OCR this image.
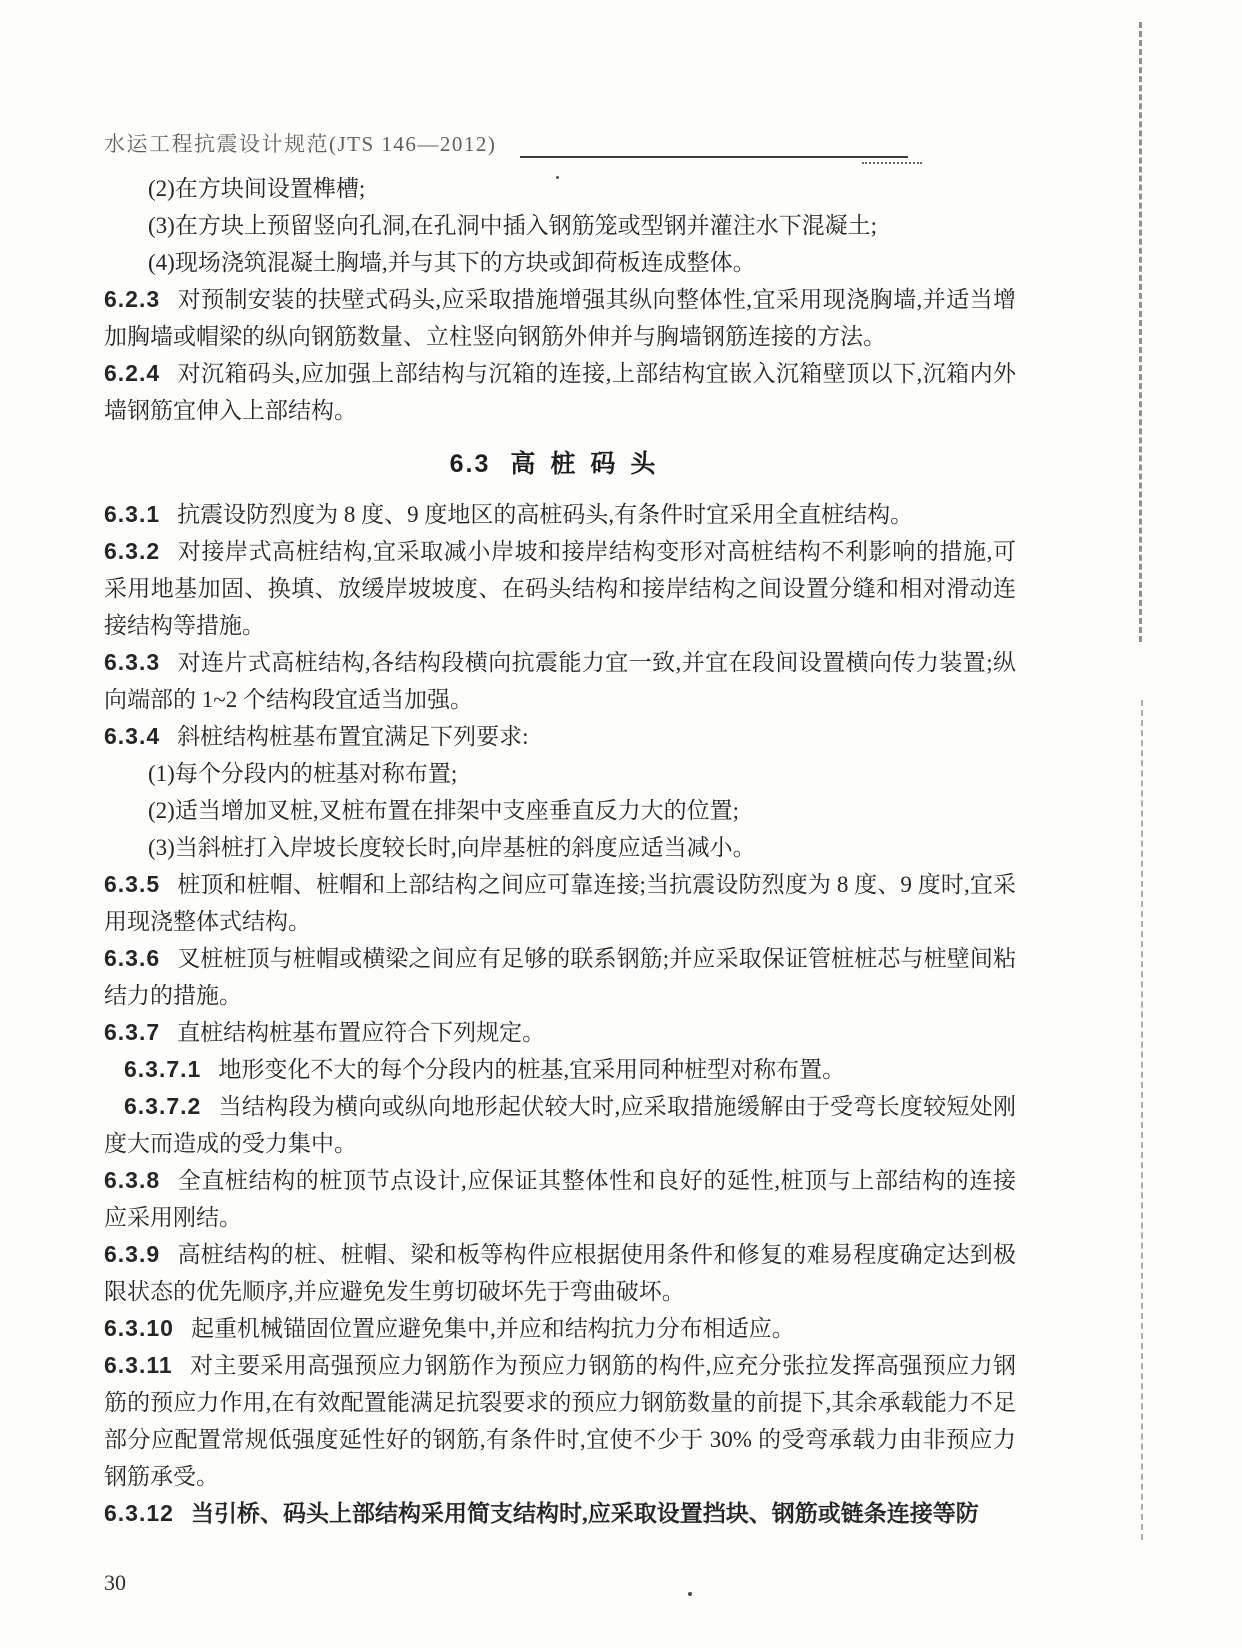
水运工程抗震设计规范(JTS 146—2012)

(2)在方块间设置榫槽;

(3)在方块上预留竖向孔洞,在孔洞中插入钢筋笼或型钢并灌注水下混凝土;

(4)现场浇筑混凝土胸墙,并与其下的方块或卸荷板连成整体。

6.2.3 对预制安装的扶壁式码头,应采取措施增强其纵向整体性,宜采用现浇胸墙,并适当增加胸墙或帽梁的纵向钢筋数量、立柱竖向钢筋外伸并与胸墙钢筋连接的方法。

6.2.4 对沉箱码头,应加强上部结构与沉箱的连接,上部结构宜嵌入沉箱壁顶以下,沉箱内外墙钢筋宜伸入上部结构。

6.3 高桩码头

6.3.1 抗震设防烈度为 8 度、9 度地区的高桩码头,有条件时宜采用全直桩结构。

6.3.2 对接岸式高桩结构,宜采取减小岸坡和接岸结构变形对高桩结构不利影响的措施,可采用地基加固、换填、放缓岸坡坡度、在码头结构和接岸结构之间设置分缝和相对滑动连接结构等措施。

6.3.3 对连片式高桩结构,各结构段横向抗震能力宜一致,并宜在段间设置横向传力装置;纵向端部的 1~2 个结构段宜适当加强。

6.3.4 斜桩结构桩基布置宜满足下列要求:

(1)每个分段内的桩基对称布置;

(2)适当增加叉桩,叉桩布置在排架中支座垂直反力大的位置;

(3)当斜桩打入岸坡长度较长时,向岸基桩的斜度应适当减小。

6.3.5 桩顶和桩帽、桩帽和上部结构之间应可靠连接;当抗震设防烈度为 8 度、9 度时,宜采用现浇整体式结构。

6.3.6 叉桩桩顶与桩帽或横梁之间应有足够的联系钢筋;并应采取保证管桩桩芯与桩壁间粘结力的措施。

6.3.7 直桩结构桩基布置应符合下列规定。

6.3.7.1 地形变化不大的每个分段内的桩基,宜采用同种桩型对称布置。

6.3.7.2 当结构段为横向或纵向地形起伏较大时,应采取措施缓解由于受弯长度较短处刚度大而造成的受力集中。

6.3.8 全直桩结构的桩顶节点设计,应保证其整体性和良好的延性,桩顶与上部结构的连接应采用刚结。

6.3.9 高桩结构的桩、桩帽、梁和板等构件应根据使用条件和修复的难易程度确定达到极限状态的优先顺序,并应避免发生剪切破坏先于弯曲破坏。

6.3.10 起重机械锚固位置应避免集中,并应和结构抗力分布相适应。

6.3.11 对主要采用高强预应力钢筋作为预应力钢筋的构件,应充分张拉发挥高强预应力钢筋的预应力作用,在有效配置能满足抗裂要求的预应力钢筋数量的前提下,其余承载能力不足部分应配置常规低强度延性好的钢筋,有条件时,宜使不少于 30% 的受弯承载力由非预应力钢筋承受。

6.3.12 当引桥、码头上部结构采用简支结构时,应采取设置挡块、钢筋或链条连接等防

30
